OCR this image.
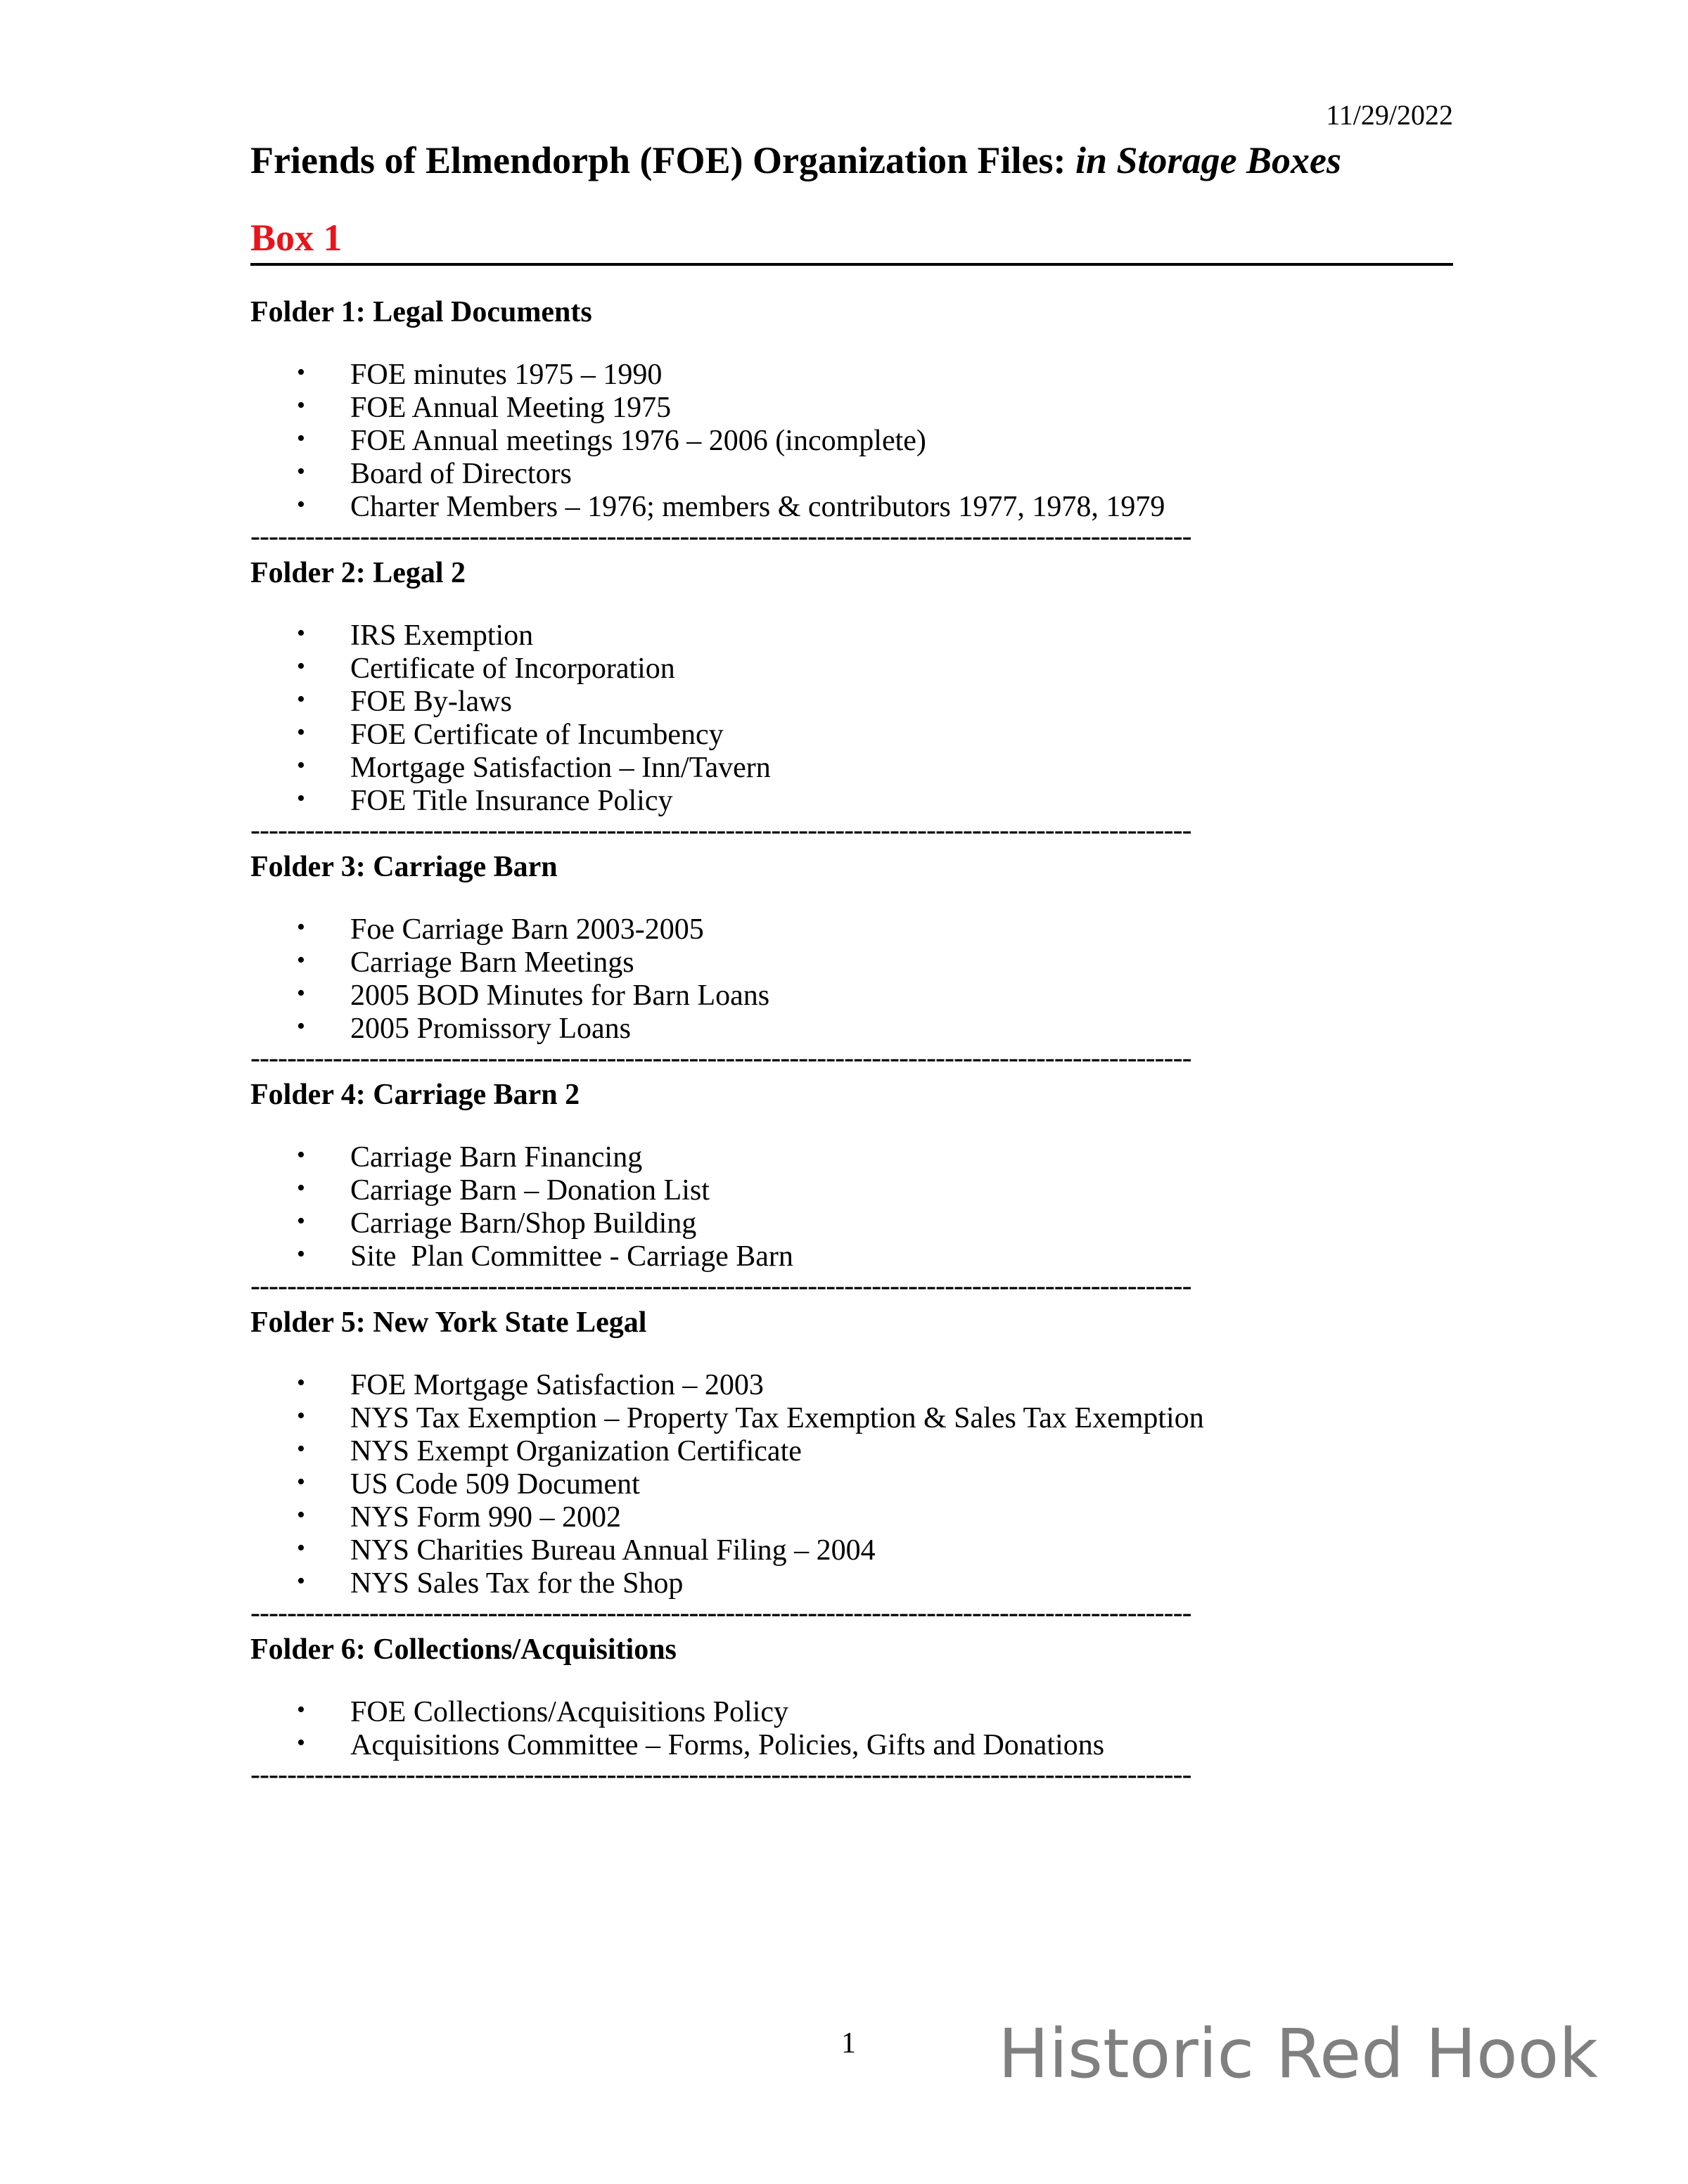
11/29/2022
Friends of Elmendorph (FOE) Organization Files: in Storage Boxes
Box 1
Folder 1: Legal Documents
• FOE minutes 1975 – 1990
• FOE Annual Meeting 1975
• FOE Annual meetings 1976 – 2006 (incomplete)
• Board of Directors
• Charter Members – 1976; members & contributors 1977, 1978, 1979
-------------------------------------------------------------------------------------------------------
Folder 2: Legal 2
• IRS Exemption
• Certificate of Incorporation
• FOE By-laws
• FOE Certificate of Incumbency
• Mortgage Satisfaction – Inn/Tavern
• FOE Title Insurance Policy
-------------------------------------------------------------------------------------------------------
Folder 3: Carriage Barn
• Foe Carriage Barn 2003-2005
• Carriage Barn Meetings
• 2005 BOD Minutes for Barn Loans
• 2005 Promissory Loans
-------------------------------------------------------------------------------------------------------
Folder 4: Carriage Barn 2
• Carriage Barn Financing
• Carriage Barn – Donation List
• Carriage Barn/Shop Building
• Site  Plan Committee - Carriage Barn
-------------------------------------------------------------------------------------------------------
Folder 5: New York State Legal
• FOE Mortgage Satisfaction – 2003
• NYS Tax Exemption – Property Tax Exemption & Sales Tax Exemption
• NYS Exempt Organization Certificate
• US Code 509 Document
• NYS Form 990 – 2002
• NYS Charities Bureau Annual Filing – 2004
• NYS Sales Tax for the Shop
-------------------------------------------------------------------------------------------------------
Folder 6: Collections/Acquisitions
• FOE Collections/Acquisitions Policy
• Acquisitions Committee – Forms, Policies, Gifts and Donations
-------------------------------------------------------------------------------------------------------
1 Historic Red Hook
